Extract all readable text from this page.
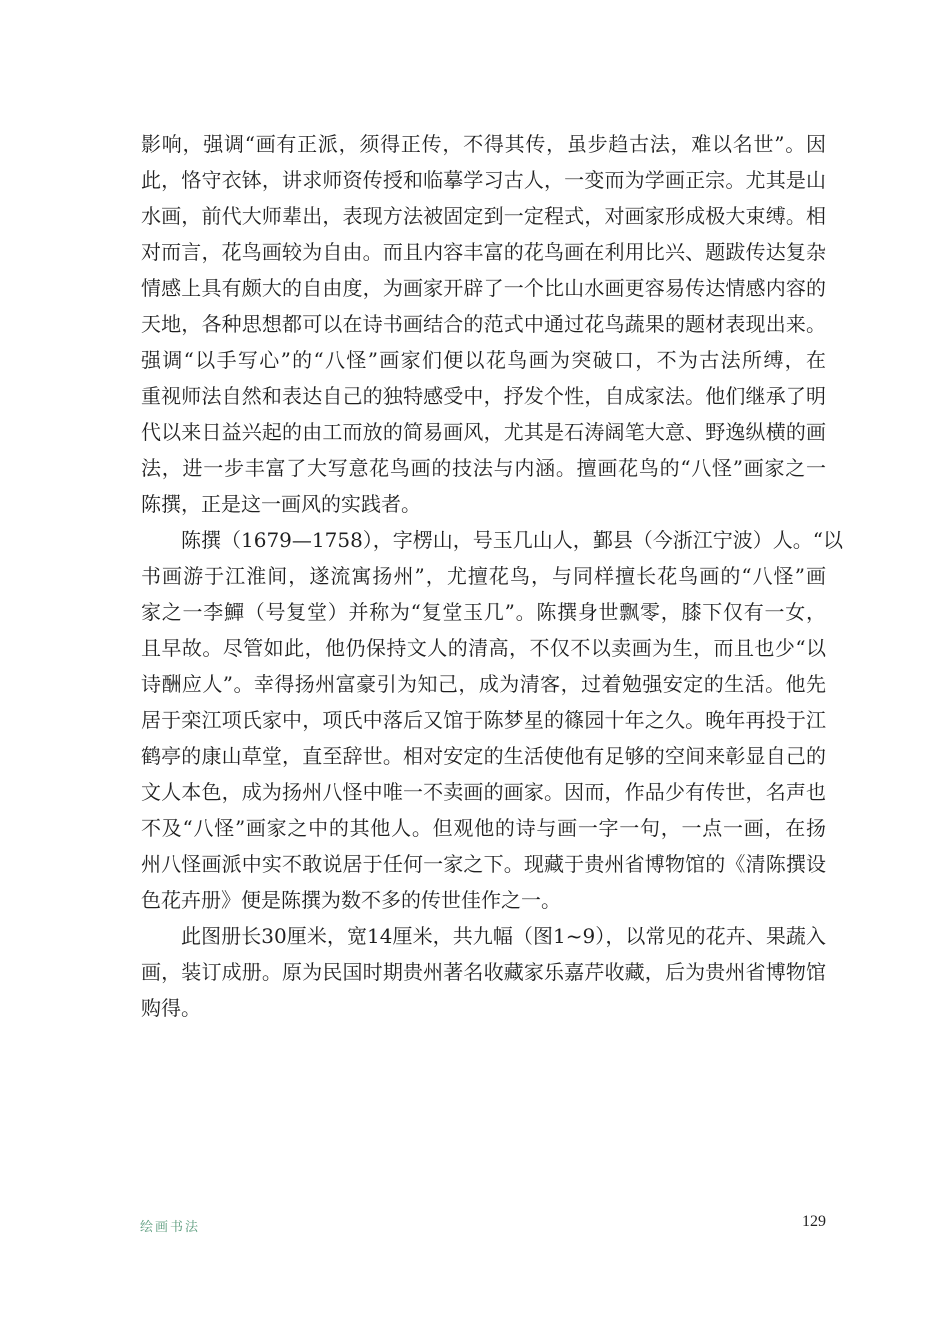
影响，强调“画有正派，须得正传，不得其传，虽步趋古法，难以名世”。因
此，恪守衣钵，讲求师资传授和临摹学习古人，一变而为学画正宗。尤其是山
水画，前代大师辈出，表现方法被固定到一定程式，对画家形成极大束缚。相
对而言，花鸟画较为自由。而且内容丰富的花鸟画在利用比兴、题跋传达复杂
情感上具有颇大的自由度，为画家开辟了一个比山水画更容易传达情感内容的
天地，各种思想都可以在诗书画结合的范式中通过花鸟蔬果的题材表现出来。
强调“以手写心”的“八怪”画家们便以花鸟画为突破口，不为古法所缚，在
重视师法自然和表达自己的独特感受中，抒发个性，自成家法。他们继承了明
代以来日益兴起的由工而放的简易画风，尤其是石涛阔笔大意、野逸纵横的画
法，进一步丰富了大写意花鸟画的技法与内涵。擅画花鸟的“八怪”画家之一
陈撰，正是这一画风的实践者。
陈撰（1679—1758），字楞山，号玉几山人，鄞县（今浙江宁波）人。“以
书画游于江淮间，遂流寓扬州”，尤擅花鸟，与同样擅长花鸟画的“八怪”画
家之一李鱓（号复堂）并称为“复堂玉几”。陈撰身世飘零，膝下仅有一女，
且早故。尽管如此，他仍保持文人的清高，不仅不以卖画为生，而且也少“以
诗酬应人”。幸得扬州富豪引为知己，成为清客，过着勉强安定的生活。他先
居于栾江项氏家中，项氏中落后又馆于陈梦星的篠园十年之久。晚年再投于江
鹤亭的康山草堂，直至辞世。相对安定的生活使他有足够的空间来彰显自己的
文人本色，成为扬州八怪中唯一不卖画的画家。因而，作品少有传世，名声也
不及“八怪”画家之中的其他人。但观他的诗与画一字一句，一点一画，在扬
州八怪画派中实不敢说居于任何一家之下。现藏于贵州省博物馆的《清陈撰设
色花卉册》便是陈撰为数不多的传世佳作之一。
此图册长30厘米，宽14厘米，共九幅（图1~9），以常见的花卉、果蔬入
画，装订成册。原为民国时期贵州著名收藏家乐嘉芹收藏，后为贵州省博物馆
购得。
绘画书法	129
